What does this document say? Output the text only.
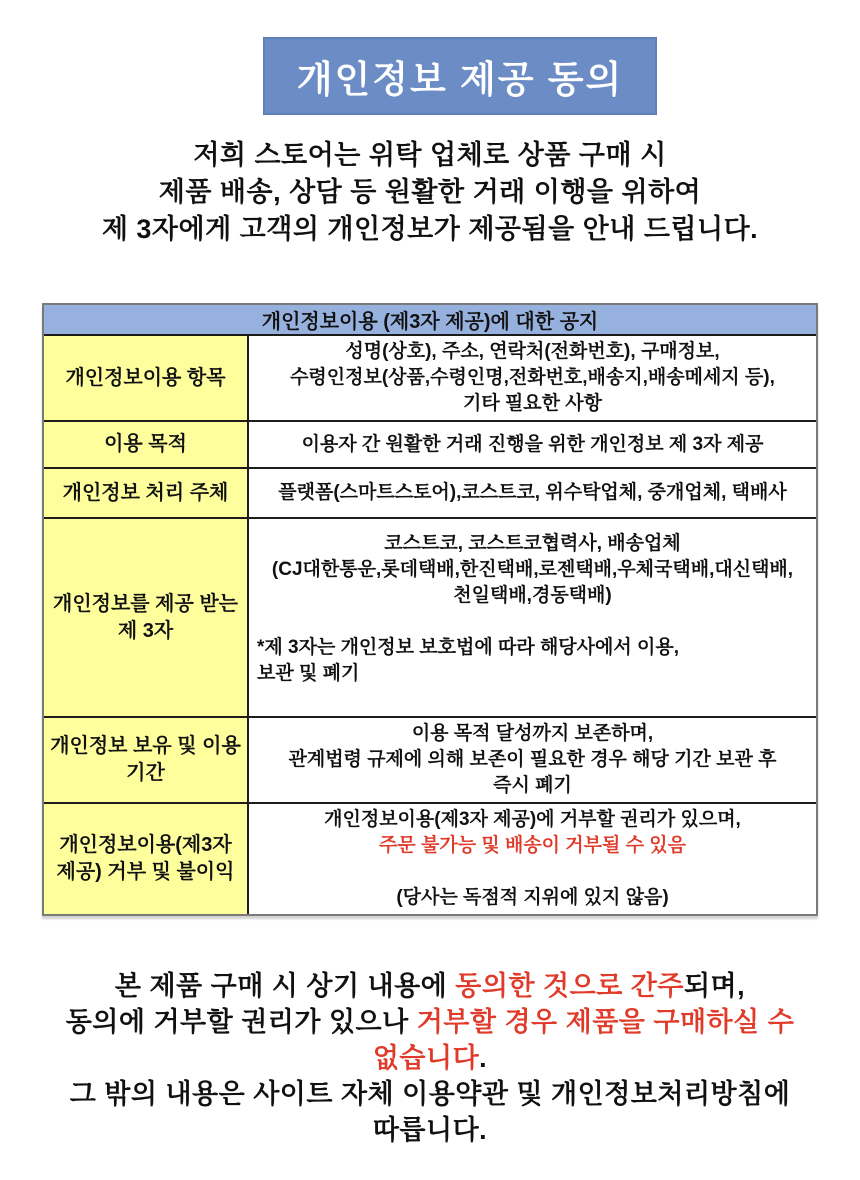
개인정보 제공 동의
저희 스토어는 위탁 업체로 상품 구매 시
제품 배송, 상담 등 원활한 거래 이행을 위하여
제 3자에게 고객의 개인정보가 제공됨을 안내 드립니다.
개인정보이용 (제3자 제공)에 대한 공지
개인정보이용 항목
성명(상호), 주소, 연락처(전화번호), 구매정보,
수령인정보(상품,수령인명,전화번호,배송지,배송메세지 등),
기타 필요한 사항
이용 목적	이용자 간 원활한 거래 진행을 위한 개인정보 제 3자 제공
개인정보 처리 주체	플랫폼(스마트스토어),코스트코, 위수탁업체, 중개업체, 택배사
개인정보를 제공 받는 제 3자
코스트코, 코스트코협력사, 배송업체
(CJ대한통운,롯데택배,한진택배,로젠택배,우체국택배,대신택배,
천일택배,경동택배)

*제 3자는 개인정보 보호법에 따라 해당사에서 이용,
보관 및 폐기
개인정보 보유 및 이용 기간
이용 목적 달성까지 보존하며,
관계법령 규제에 의해 보존이 필요한 경우 해당 기간 보관 후
즉시 폐기
개인정보이용(제3자 제공) 거부 및 불이익
개인정보이용(제3자 제공)에 거부할 권리가 있으며,
주문 불가능 및 배송이 거부될 수 있음

(당사는 독점적 지위에 있지 않음)
본 제품 구매 시 상기 내용에 동의한 것으로 간주되며,
동의에 거부할 권리가 있으나 거부할 경우 제품을 구매하실 수
없습니다.
그 밖의 내용은 사이트 자체 이용약관 및 개인정보처리방침에
따릅니다.
